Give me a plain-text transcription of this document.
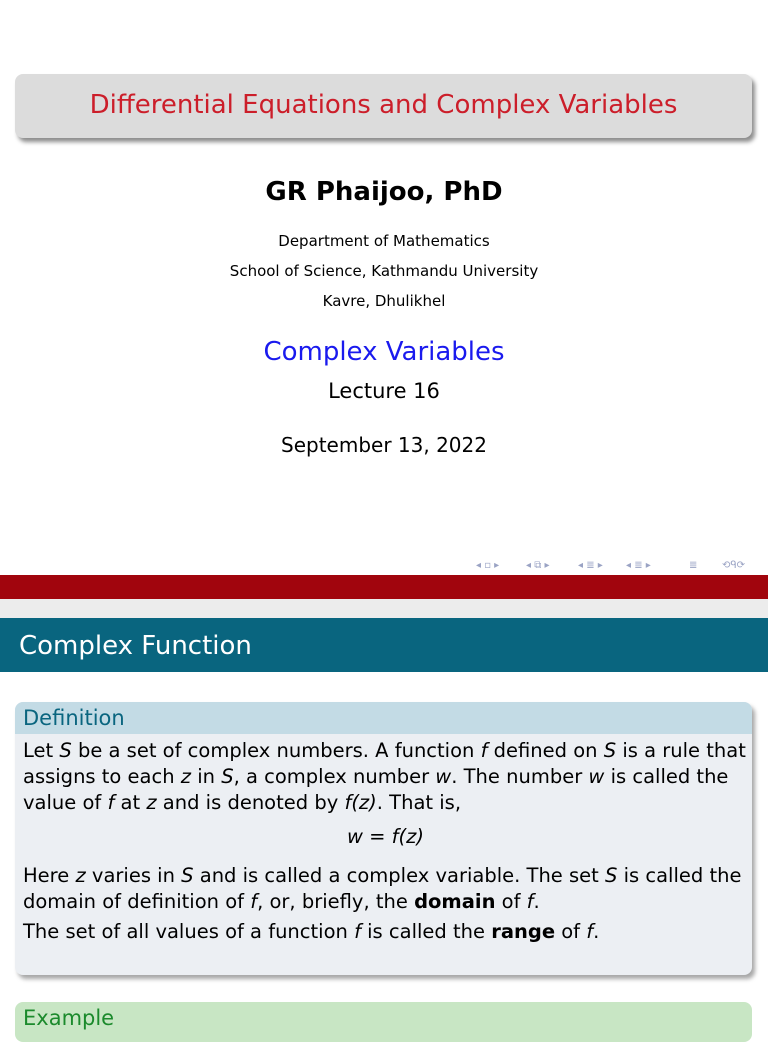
Differential Equations and Complex Variables
GR Phaijoo, PhD
Department of Mathematics
School of Science, Kathmandu University
Kavre, Dhulikhel
Complex Variables
Lecture 16
September 13, 2022
◂ ▫ ▸	◂ ⧉ ▸	◂ ≣ ▸ ◂ ≣ ▸	≣ ⟲ᑫ⟳
Complex Function
Definition

Let S be a set of complex numbers. A function f defined on S is a rule that assigns to each z in S, a complex number w. The number w is called the value of f at z and is denoted by f(z). That is,

w = f(z)

Here z varies in S and is called a complex variable. The set S is called the domain of definition of f, or, briefly, the domain of f.

The set of all values of a function f is called the range of f.

Example
